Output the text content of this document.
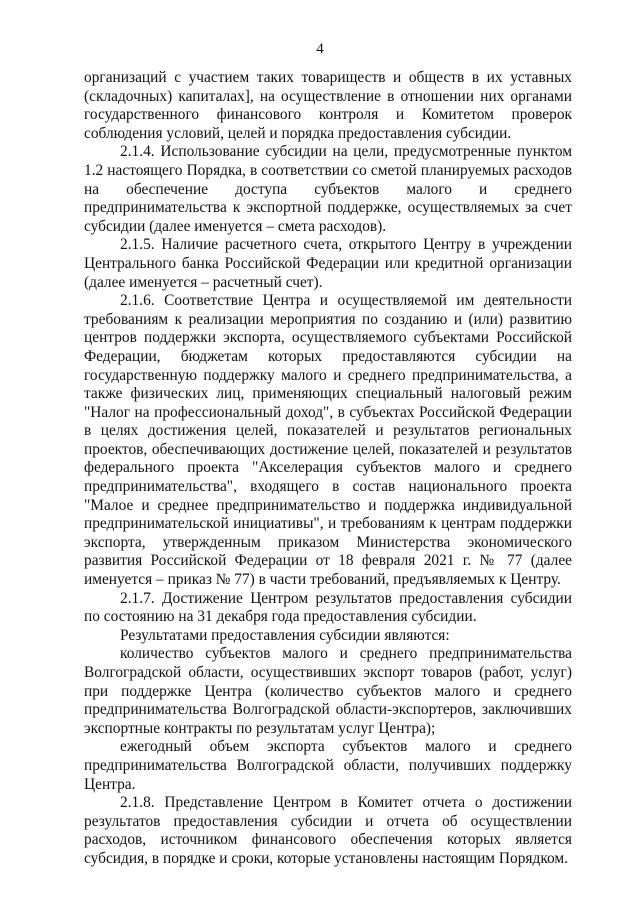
4

организаций с участием таких товариществ и обществ в их уставных (складочных) капиталах], на осуществление в отношении них органами государственного финансового контроля и Комитетом проверок соблюдения условий, целей и порядка предоставления субсидии.

2.1.4. Использование субсидии на цели, предусмотренные пунктом 1.2 настоящего Порядка, в соответствии со сметой планируемых расходов на обеспечение доступа субъектов малого и среднего предпринимательства к экспортной поддержке, осуществляемых за счет субсидии (далее именуется – смета расходов).

2.1.5. Наличие расчетного счета, открытого Центру в учреждении Центрального банка Российской Федерации или кредитной организации (далее именуется – расчетный счет).

2.1.6. Соответствие Центра и осуществляемой им деятельности требованиям к реализации мероприятия по созданию и (или) развитию центров поддержки экспорта, осуществляемого субъектами Российской Федерации, бюджетам которых предоставляются субсидии на государственную поддержку малого и среднего предпринимательства, а также физических лиц, применяющих специальный налоговый режим "Налог на профессиональный доход", в субъектах Российской Федерации в целях достижения целей, показателей и результатов региональных проектов, обеспечивающих достижение целей, показателей и результатов федерального проекта "Акселерация субъектов малого и среднего предпринимательства", входящего в состав национального проекта "Малое и среднее предпринимательство и поддержка индивидуальной предпринимательской инициативы", и требованиям к центрам поддержки экспорта, утвержденным приказом Министерства экономического развития Российской Федерации от 18 февраля 2021 г. № 77 (далее именуется – приказ № 77) в части требований, предъявляемых к Центру.

2.1.7. Достижение Центром результатов предоставления субсидии по состоянию на 31 декабря года предоставления субсидии.

Результатами предоставления субсидии являются:

количество субъектов малого и среднего предпринимательства Волгоградской области, осуществивших экспорт товаров (работ, услуг) при поддержке Центра (количество субъектов малого и среднего предпринимательства Волгоградской области-экспортеров, заключивших экспортные контракты по результатам услуг Центра);

ежегодный объем экспорта субъектов малого и среднего предпринимательства Волгоградской области, получивших поддержку Центра.

2.1.8. Представление Центром в Комитет отчета о достижении результатов предоставления субсидии и отчета об осуществлении расходов, источником финансового обеспечения которых является субсидия, в порядке и сроки, которые установлены настоящим Порядком.
